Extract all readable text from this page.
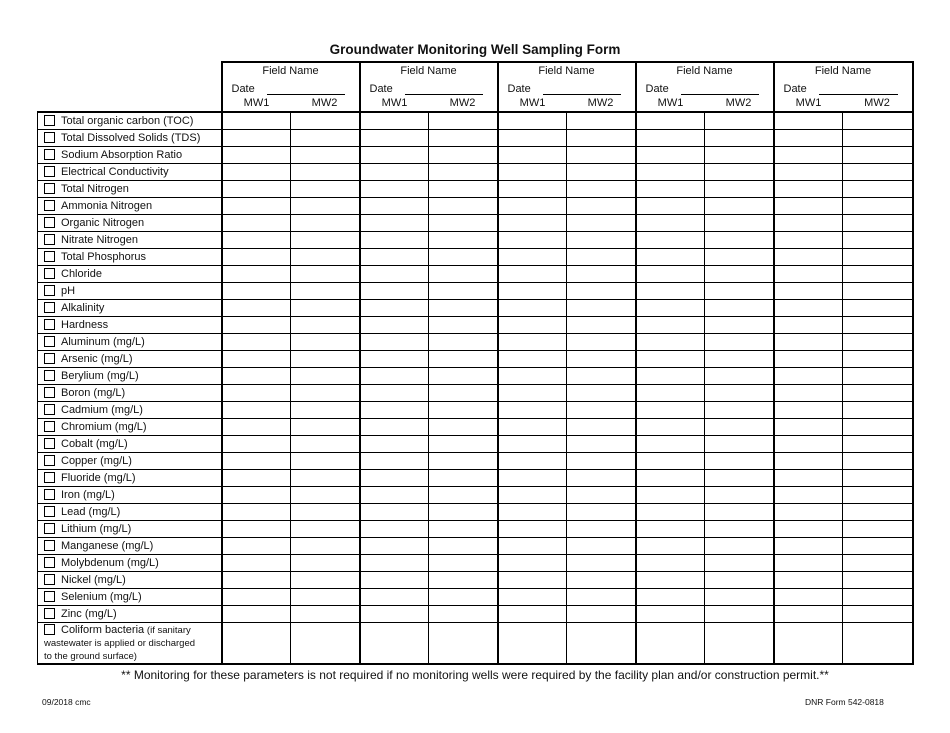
Groundwater Monitoring Well Sampling Form
	Field Name		Field Name		Field Name		Field Name		Field Name	

	Date		Date		Date		Date		Date	

	MW1	MW2	MW1	MW2	MW1	MW2	MW1	MW2	MW1	MW2
Total organic carbon (TOC)										
Total Dissolved Solids (TDS)										
Sodium Absorption Ratio										
Electrical Conductivity										
Total Nitrogen										
Ammonia Nitrogen										
Organic Nitrogen										
Nitrate Nitrogen										
Total Phosphorus										
Chloride										
pH										
Alkalinity										
Hardness										
Aluminum (mg/L)										
Arsenic (mg/L)										
Berylium (mg/L)										
Boron (mg/L)										
Cadmium (mg/L)										
Chromium (mg/L)										
Cobalt (mg/L)										
Copper (mg/L)										
Fluoride (mg/L)										
Iron (mg/L)										
Lead (mg/L)										
Lithium (mg/L)										
Manganese (mg/L)										
Molybdenum (mg/L)										
Nickel (mg/L)										
Selenium (mg/L)										
Zinc (mg/L)										

Coliform bacteria (if sanitary
wastewater is applied or discharged
to the ground surface)										

** Monitoring for these parameters is not required if no monitoring wells were required by the facility plan and/or construction permit.**
09/2018 cmc	DNR Form 542-0818
